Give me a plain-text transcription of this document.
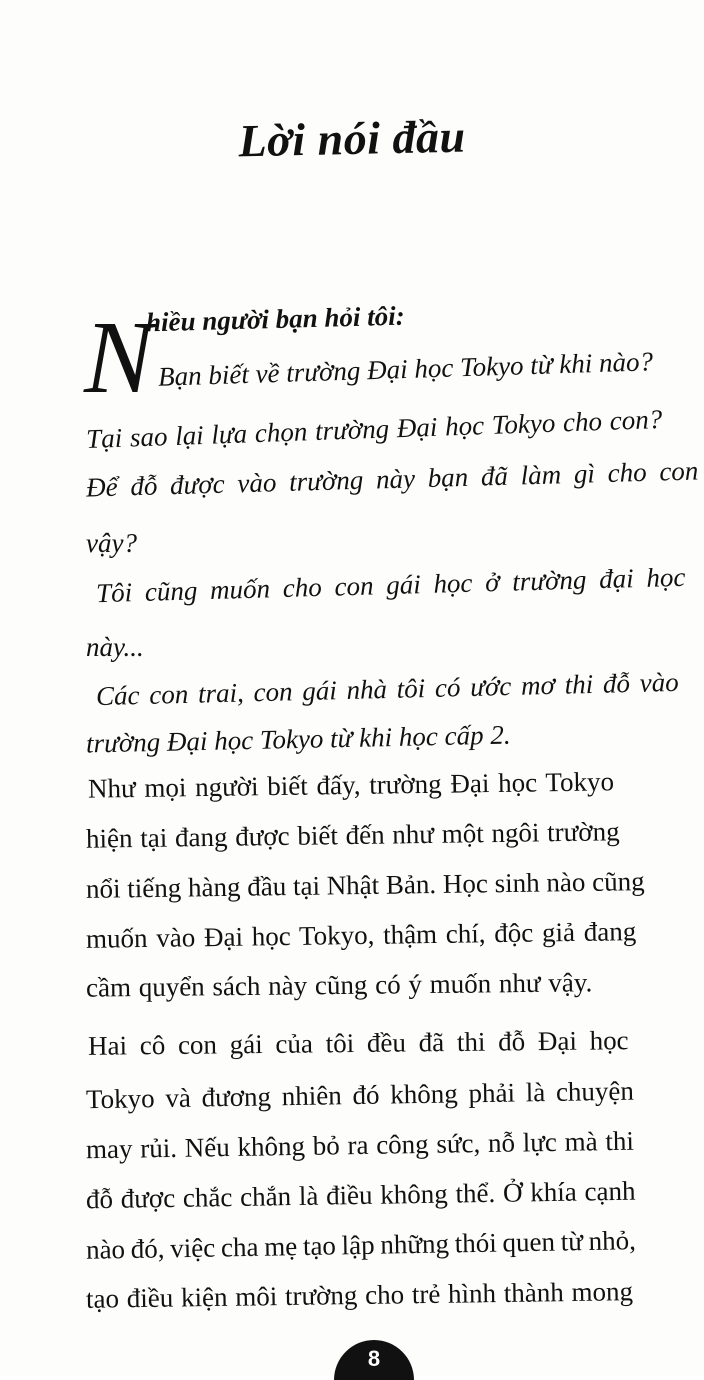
Lời nói đầu
N
hiều người bạn hỏi tôi:
Bạn biết về trường Đại học Tokyo từ khi nào?
Tại sao lại lựa chọn trường Đại học Tokyo cho con?
Để đỗ được vào trường này bạn đã làm gì cho con
vậy?
Tôi cũng muốn cho con gái học ở trường đại học
này...
Các con trai, con gái nhà tôi có ước mơ thi đỗ vào
trường Đại học Tokyo từ khi học cấp 2.
Như mọi người biết đấy, trường Đại học Tokyo
hiện tại đang được biết đến như một ngôi trường
nổi tiếng hàng đầu tại Nhật Bản. Học sinh nào cũng
muốn vào Đại học Tokyo, thậm chí, độc giả đang
cầm quyển sách này cũng có ý muốn như vậy.
Hai cô con gái của tôi đều đã thi đỗ Đại học
Tokyo và đương nhiên đó không phải là chuyện
may rủi. Nếu không bỏ ra công sức, nỗ lực mà thi
đỗ được chắc chắn là điều không thể. Ở khía cạnh
nào đó, việc cha mẹ tạo lập những thói quen từ nhỏ,
tạo điều kiện môi trường cho trẻ hình thành mong
8
